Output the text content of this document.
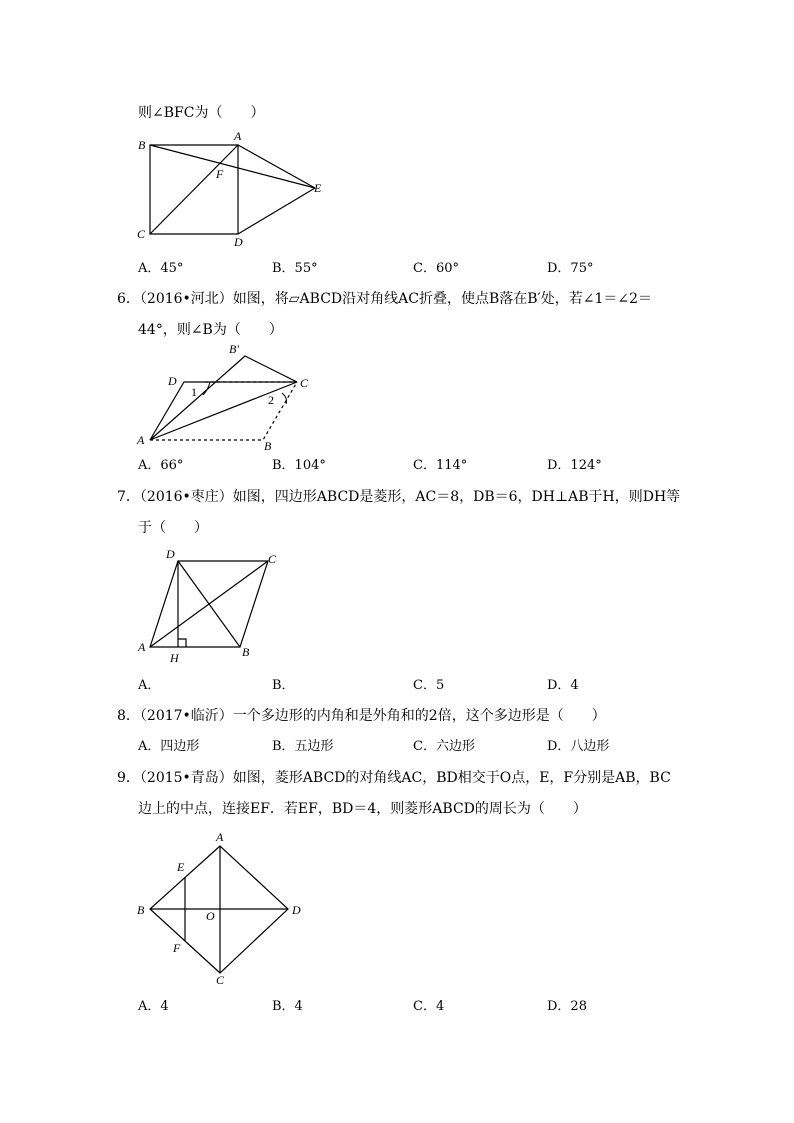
则∠BFC为（　　）
B
A
F
E
C
D
A．45°	B．55°	C．60°	D．75°
6．（2016•河北）如图，将▱ABCD沿对角线AC折叠，使点B落在B′处，若∠1＝∠2＝
44°，则∠B为（　　）
B′
D	C
1
2
A	B
A．66°	B．104°	C．114°	D．124°
7．（2016•枣庄）如图，四边形ABCD是菱形，AC＝8，DB＝6，DH⊥AB于H，则DH等
于（　　）
D	C
A
H	B
A．	B．	C．5	D．4
8．（2017•临沂）一个多边形的内角和是外角和的2倍，这个多边形是（　　）
A．四边形	B．五边形	C．六边形	D．八边形
9．（2015•青岛）如图，菱形ABCD的对角线AC，BD相交于O点，E，F分别是AB，BC
边上的中点，连接EF．若EF，BD＝4，则菱形ABCD的周长为（　　）
A
E
B	O	D
F
C
A．4	B．4	C．4	D．28
